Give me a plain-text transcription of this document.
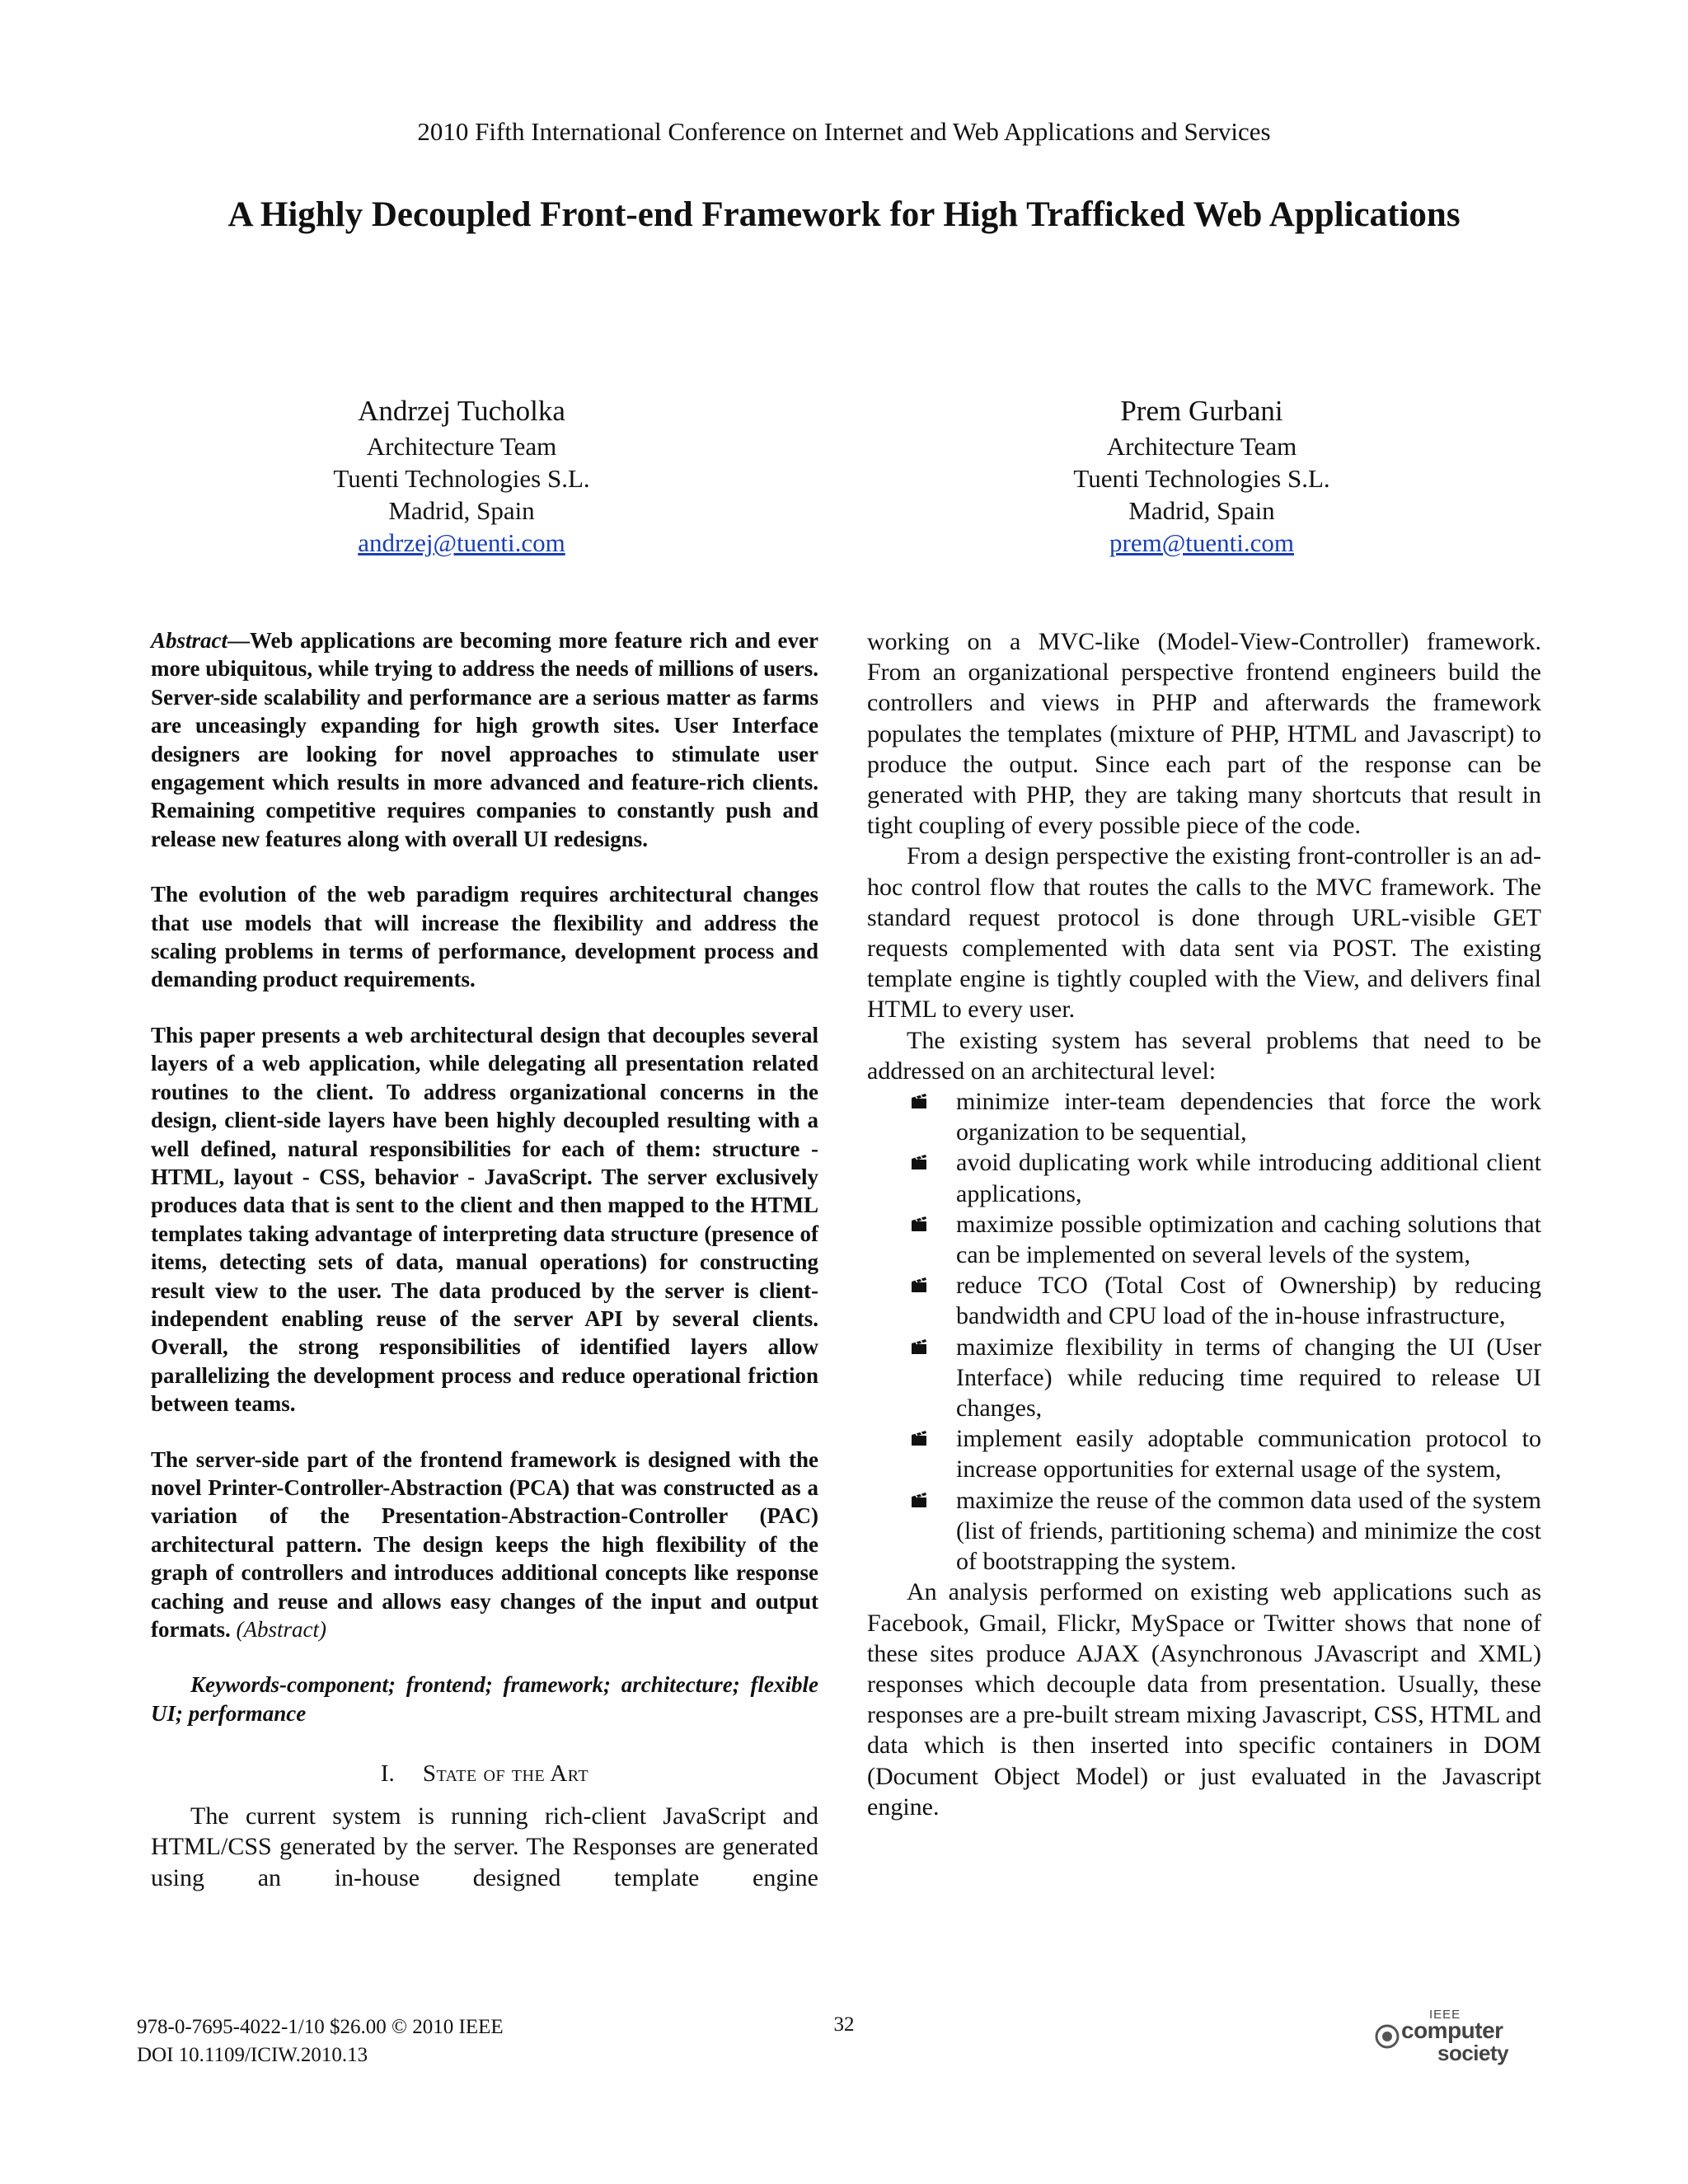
2010 Fifth International Conference on Internet and Web Applications and Services
A Highly Decoupled Front-end Framework for High Trafficked Web Applications
Andrzej Tucholka
Architecture Team
Tuenti Technologies S.L.
Madrid, Spain
andrzej@tuenti.com
Prem Gurbani
Architecture Team
Tuenti Technologies S.L.
Madrid, Spain
prem@tuenti.com

Abstract—Web applications are becoming more feature rich and ever more ubiquitous, while trying to address the needs of millions of users. Server-side scalability and performance are a serious matter as farms are unceasingly expanding for high growth sites. User Interface designers are looking for novel approaches to stimulate user engagement which results in more advanced and feature-rich clients. Remaining competitive requires companies to constantly push and release new features along with overall UI redesigns.

The evolution of the web paradigm requires architectural changes that use models that will increase the flexibility and address the scaling problems in terms of performance, development process and demanding product requirements.

This paper presents a web architectural design that decouples several layers of a web application, while delegating all presentation related routines to the client. To address organizational concerns in the design, client-side layers have been highly decoupled resulting with a well defined, natural responsibilities for each of them: structure - HTML, layout - CSS, behavior - JavaScript. The server exclusively produces data that is sent to the client and then mapped to the HTML templates taking advantage of interpreting data structure (presence of items, detecting sets of data, manual operations) for constructing result view to the user. The data produced by the server is client-independent enabling reuse of the server API by several clients. Overall, the strong responsibilities of identified layers allow parallelizing the development process and reduce operational friction between teams.

The server-side part of the frontend framework is designed with the novel Printer-Controller-Abstraction (PCA) that was constructed as a variation of the Presentation-Abstraction-Controller (PAC) architectural pattern. The design keeps the high flexibility of the graph of controllers and introduces additional concepts like response caching and reuse and allows easy changes of the input and output formats. (Abstract)

Keywords-component; frontend; framework; architecture; flexible UI; performance

I. State of the Art

The current system is running rich-client JavaScript and HTML/CSS generated by the server. The Responses are generated using an in-house designed template engine

working on a MVC-like (Model-View-Controller) framework. From an organizational perspective frontend engineers build the controllers and views in PHP and afterwards the framework populates the templates (mixture of PHP, HTML and Javascript) to produce the output. Since each part of the response can be generated with PHP, they are taking many shortcuts that result in tight coupling of every possible piece of the code.

From a design perspective the existing front-controller is an ad-hoc control flow that routes the calls to the MVC framework. The standard request protocol is done through URL-visible GET requests complemented with data sent via POST. The existing template engine is tightly coupled with the View, and delivers final HTML to every user.

The existing system has several problems that need to be addressed on an architectural level:

minimize inter-team dependencies that force the work organization to be sequential,
avoid duplicating work while introducing additional client applications,
maximize possible optimization and caching solutions that can be implemented on several levels of the system,
reduce TCO (Total Cost of Ownership) by reducing bandwidth and CPU load of the in-house infrastructure,
maximize flexibility in terms of changing the UI (User Interface) while reducing time required to release UI changes,
implement easily adoptable communication protocol to increase opportunities for external usage of the system,
maximize the reuse of the common data used of the system (list of friends, partitioning schema) and minimize the cost of bootstrapping the system.

An analysis performed on existing web applications such as Facebook, Gmail, Flickr, MySpace or Twitter shows that none of these sites produce AJAX (Asynchronous JAvascript and XML) responses which decouple data from presentation. Usually, these responses are a pre-built stream mixing Javascript, CSS, HTML and data which is then inserted into specific containers in DOM (Document Object Model) or just evaluated in the Javascript engine.

978-0-7695-4022-1/10 $26.00 © 2010 IEEE
DOI 10.1109/ICIW.2010.13
32	IEEE
computer
society
